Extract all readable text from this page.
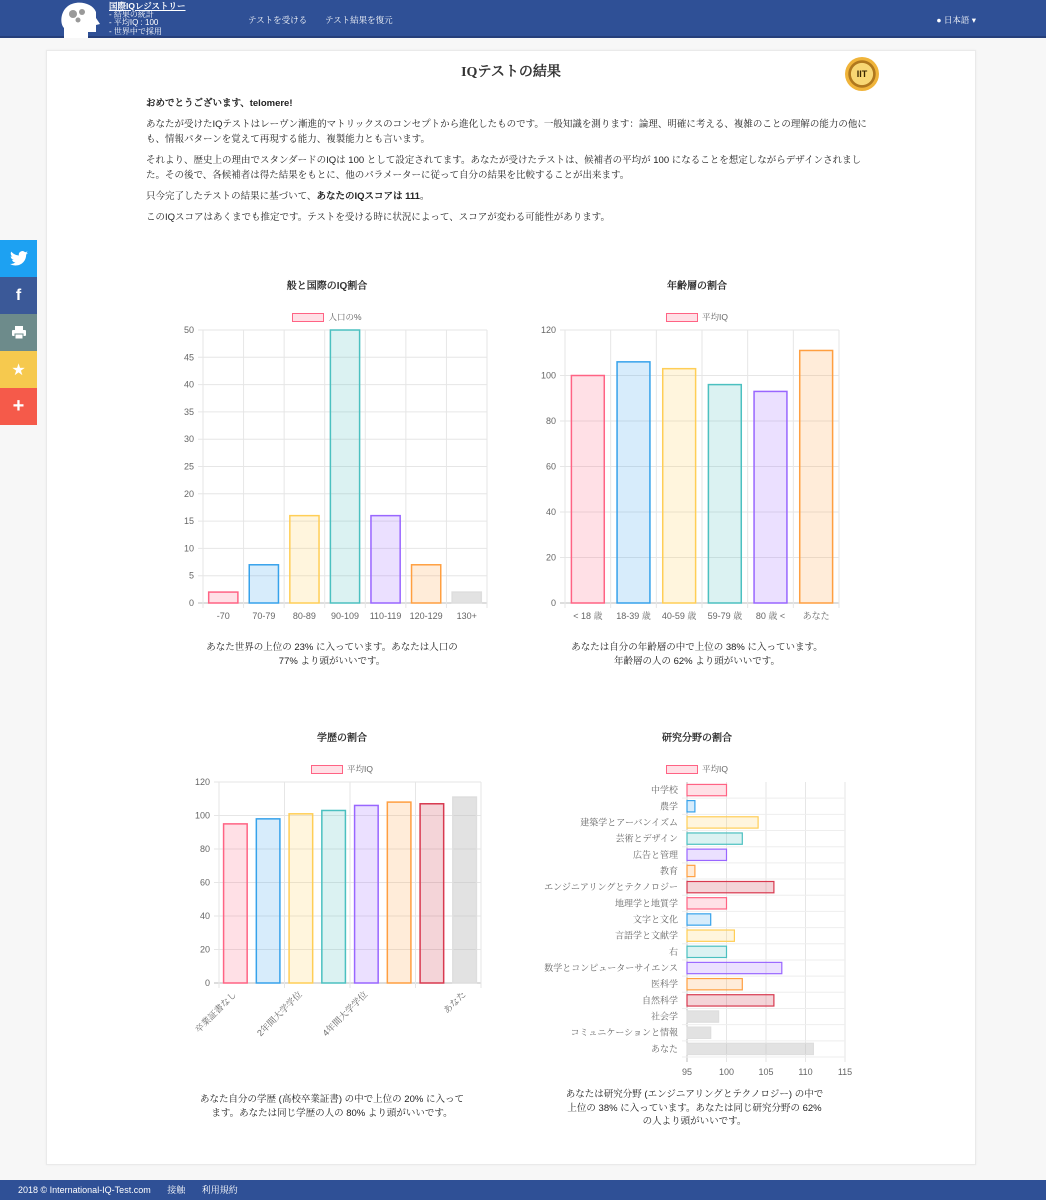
国際IQレジストリー
- 結果の統計
- 平均IQ : 100
- 世界中で採用
テストを受ける テスト結果を復元	● 日本語 ▾
f
★
+
IQテストの結果	IIT

おめでとうございます、telomere!

あなたが受けたIQテストはレーヴン漸進的マトリックスのコンセプトから進化したものです。一般知識を測ります：論理、明確に考える、複雑のことの理解の能力の他にも、情報パターンを覚えて再現する能力、複製能力とも言います。

それより、歴史上の理由でスタンダードのIQは 100 として設定されてます。あなたが受けたテストは、候補者の平均が 100 になることを想定しながらデザインされました。その後で、各候補者は得た結果をもとに、他のパラメーターに従って自分の結果を比較することが出来ます。

只今完了したテストの結果に基づいて、あなたのIQスコアは 111。

このIQスコアはあくまでも推定です。テストを受ける時に状況によって、スコアが変わる可能性があります。

般と国際のIQ割合
人口の%
0
5
10
15
20
25
30
35
40
45
50
-70	70-79 80-89 90-109 110-119 120-129 130+
あなた世界の上位の 23% に入っています。あなたは人口の 77% より頭がいいです。
年齢層の割合
平均IQ
0
20
40
60
80
100
120
< 18 歳 18-39 歳 40-59 歳 59-79 歳 80 歳 < あなた
あなたは自分の年齢層の中で上位の 38% に入っています。年齢層の人の 62% より頭がいいです。
学歴の割合
平均IQ
0
20
40
60
80
100
120
卒業証書なし 2年間大学学位 4年間大学学位	あなた
あなた自分の学歴 (高校卒業証書) の中で上位の 20% に入ってます。あなたは同じ学歴の人の 80% より頭がいいです。
研究分野の割合
平均IQ
95	100	105	110	115
中学校
農学
建築学とアーバンイズム
芸術とデザイン
広告と管理
教育
エンジニアリングとテクノロジー
地理学と地質学
文字と文化
言語学と文献学
右
数学とコンピューターサイエンス
医科学
自然科学
社会学
コミュニケーションと情報
あなた
あなたは研究分野 (エンジニアリングとテクノロジー) の中で上位の 38% に入っています。あなたは同じ研究分野の 62% の人より頭がいいです。
2018 © International-IQ-Test.com 接触 利用規約
